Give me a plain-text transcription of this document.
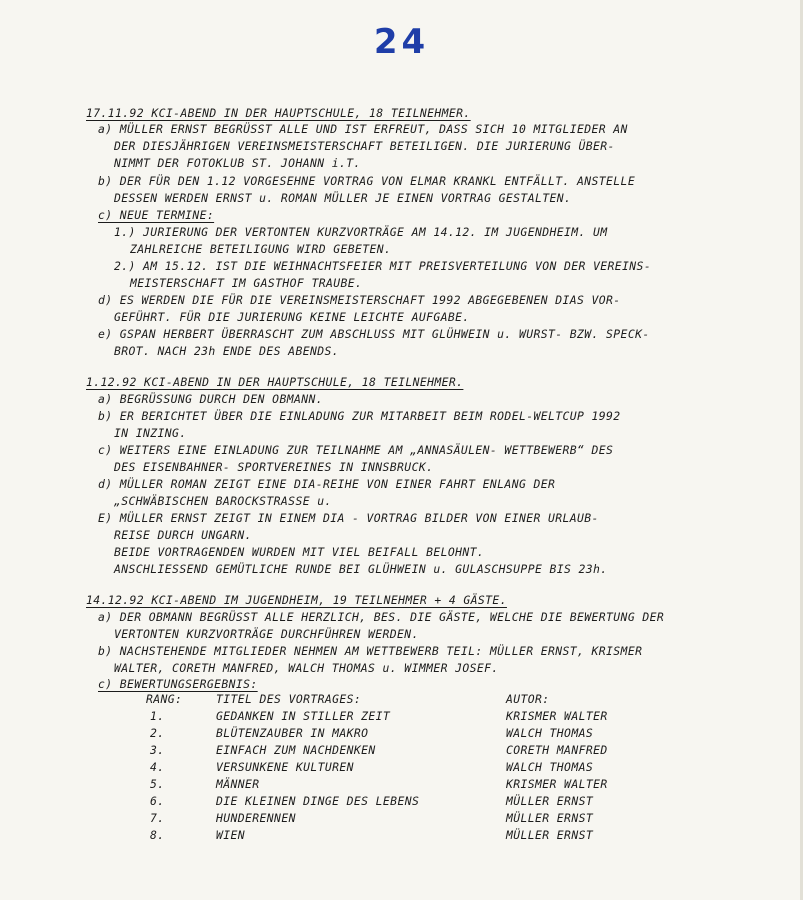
24
17.11.92 KCI-ABEND IN DER HAUPTSCHULE, 18 TEILNEHMER.
a) MÜLLER ERNST BEGRÜSST ALLE UND IST ERFREUT, DASS SICH 10 MITGLIEDER AN
DER DIESJÄHRIGEN VEREINSMEISTERSCHAFT BETEILIGEN. DIE JURIERUNG ÜBER-
NIMMT DER FOTOKLUB ST. JOHANN i.T.
b) DER FÜR DEN 1.12 VORGESEHNE VORTRAG VON ELMAR KRANKL ENTFÄLLT. ANSTELLE
DESSEN WERDEN ERNST u. ROMAN MÜLLER JE EINEN VORTRAG GESTALTEN.
c) NEUE TERMINE:
1.) JURIERUNG DER VERTONTEN KURZVORTRÄGE AM 14.12. IM JUGENDHEIM. UM
ZAHLREICHE BETEILIGUNG WIRD GEBETEN.
2.) AM 15.12. IST DIE WEIHNACHTSFEIER MIT PREISVERTEILUNG VON DER VEREINS-
MEISTERSCHAFT IM GASTHOF TRAUBE.
d) ES WERDEN DIE FÜR DIE VEREINSMEISTERSCHAFT 1992 ABGEGEBENEN DIAS VOR-
GEFÜHRT. FÜR DIE JURIERUNG KEINE LEICHTE AUFGABE.
e) GSPAN HERBERT ÜBERRASCHT ZUM ABSCHLUSS MIT GLÜHWEIN u. WURST- BZW. SPECK-
BROT. NACH 23h ENDE DES ABENDS.
1.12.92 KCI-ABEND IN DER HAUPTSCHULE, 18 TEILNEHMER.
a) BEGRÜSSUNG DURCH DEN OBMANN.
b) ER BERICHTET ÜBER DIE EINLADUNG ZUR MITARBEIT BEIM RODEL-WELTCUP 1992
IN INZING.
c) WEITERS EINE EINLADUNG ZUR TEILNAHME AM „ANNASÄULEN- WETTBEWERB“ DES
DES EISENBAHNER- SPORTVEREINES IN INNSBRUCK.
d) MÜLLER ROMAN ZEIGT EINE DIA-REIHE VON EINER FAHRT ENLANG DER
„SCHWÄBISCHEN BAROCKSTRASSE u.
E) MÜLLER ERNST ZEIGT IN EINEM DIA - VORTRAG BILDER VON EINER URLAUB-
REISE DURCH UNGARN.
BEIDE VORTRAGENDEN WURDEN MIT VIEL BEIFALL BELOHNT.
ANSCHLIESSEND GEMÜTLICHE RUNDE BEI GLÜHWEIN u. GULASCHSUPPE BIS 23h.
14.12.92 KCI-ABEND IM JUGENDHEIM, 19 TEILNEHMER + 4 GÄSTE.
a) DER OBMANN BEGRÜSST ALLE HERZLICH, BES. DIE GÄSTE, WELCHE DIE BEWERTUNG DER
VERTONTEN KURZVORTRÄGE DURCHFÜHREN WERDEN.
b) NACHSTEHENDE MITGLIEDER NEHMEN AM WETTBEWERB TEIL: MÜLLER ERNST, KRISMER
WALTER, CORETH MANFRED, WALCH THOMAS u. WIMMER JOSEF.
c) BEWERTUNGSERGEBNIS:
RANG:	TITEL DES VORTRAGES:	AUTOR:
1.	GEDANKEN IN STILLER ZEIT	KRISMER WALTER
2.	BLÜTENZAUBER IN MAKRO	WALCH THOMAS
3.	EINFACH ZUM NACHDENKEN	CORETH MANFRED
4.	VERSUNKENE KULTUREN	WALCH THOMAS
5.	MÄNNER	KRISMER WALTER
6.	DIE KLEINEN DINGE DES LEBENS	MÜLLER ERNST
7.	HUNDERENNEN	MÜLLER ERNST
8.	WIEN	MÜLLER ERNST
